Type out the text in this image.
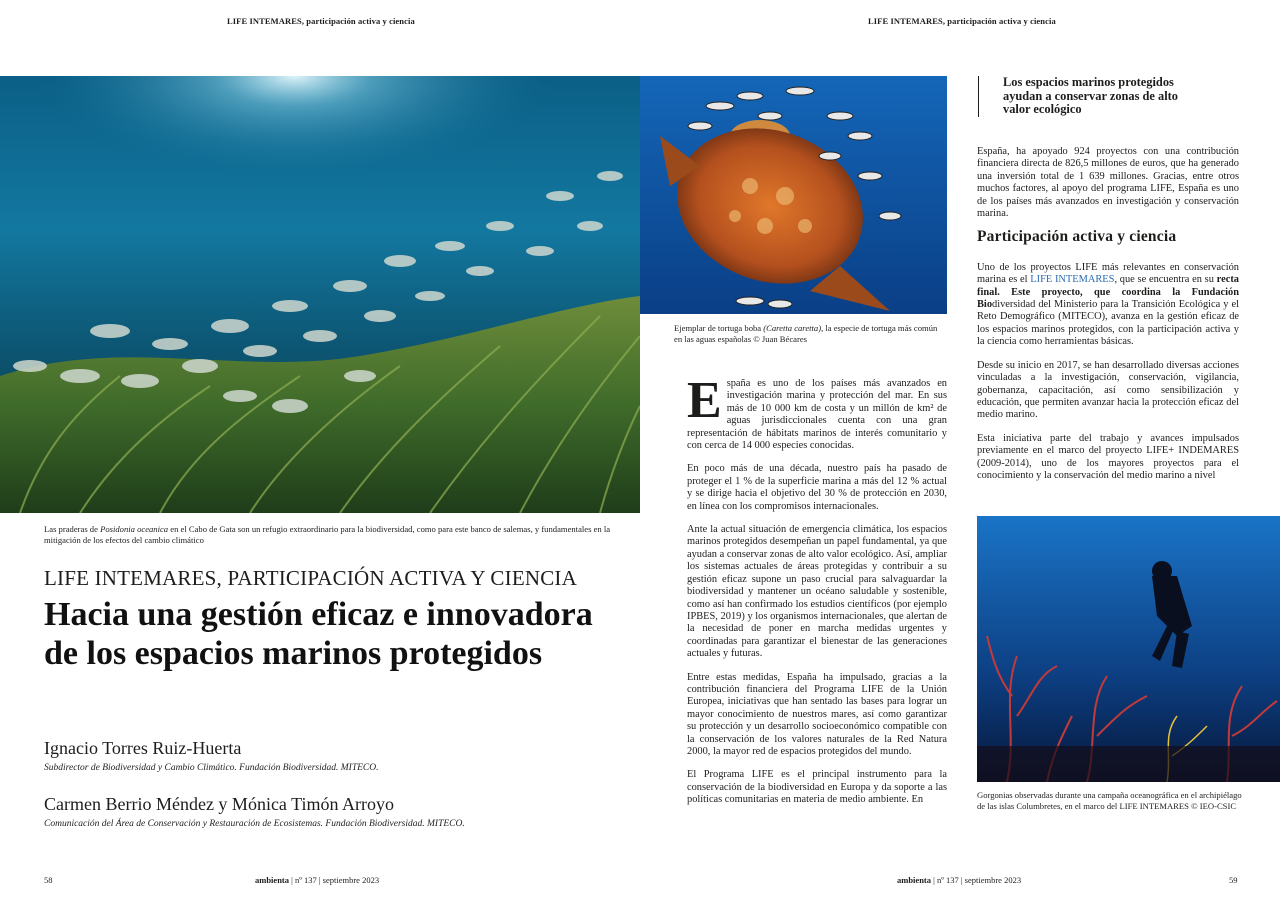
LIFE INTEMARES, participación activa y ciencia	LIFE INTEMARES, participación activa y ciencia
Las praderas de Posidonia oceanica en el Cabo de Gata son un refugio extraordinario para la biodiversidad, como para este banco de salemas, y fundamentales en la mitigación de los efectos del cambio climático
Ejemplar de tortuga boba (Caretta caretta), la especie de tortuga más común en las aguas españolas © Juan Bécares
Gorgonias observadas durante una campaña oceanográfica en el archipiélago de las islas Columbretes, en el marco del LIFE INTEMARES © IEO-CSIC
LIFE INTEMARES, PARTICIPACIÓN ACTIVA Y CIENCIA
Hacia una gestión eficaz e innovadora de los espacios marinos protegidos
Ignacio Torres Ruiz-Huerta
Subdirector de Biodiversidad y Cambio Climático. Fundación Biodiversidad. MITECO.
Carmen Berrio Méndez y Mónica Timón Arroyo
Comunicación del Área de Conservación y Restauración de Ecosistemas. Fundación Biodiversidad. MITECO.

España es uno de los países más avanzados en investigación marina y protección del mar. En sus más de 10 000 km de costa y un millón de km² de aguas jurisdiccionales cuenta con una gran representación de hábitats marinos de interés comunitario y con cerca de 14 000 especies conocidas.

En poco más de una década, nuestro país ha pasado de proteger el 1 % de la superficie marina a más del 12 % actual y se dirige hacia el objetivo del 30 % de protección en 2030, en línea con los compromisos internacionales.

Ante la actual situación de emergencia climática, los espacios marinos protegidos desempeñan un papel fundamental, ya que ayudan a conservar zonas de alto valor ecológico. Así, ampliar los sistemas actuales de áreas protegidas y contribuir a su gestión eficaz supone un paso crucial para salvaguardar la biodiversidad y mantener un océano saludable y sostenible, como así han confirmado los estudios científicos (por ejemplo IPBES, 2019) y los organismos internacionales, que alertan de la necesidad de poner en marcha medidas urgentes y coordinadas para garantizar el bienestar de las generaciones actuales y futuras.

Entre estas medidas, España ha impulsado, gracias a la contribución financiera del Programa LIFE de la Unión Europea, iniciativas que han sentado las bases para lograr un mayor conocimiento de nuestros mares, así como garantizar su protección y un desarrollo socioeconómico compatible con la conservación de los valores naturales de la Red Natura 2000, la mayor red de espacios protegidos del mundo.

El Programa LIFE es el principal instrumento para la conservación de la biodiversidad en Europa y da soporte a las políticas comunitarias en materia de medio ambiente. En

Los espacios marinos protegidos ayudan a conservar zonas de alto valor ecológico

España, ha apoyado 924 proyectos con una contribución financiera directa de 826,5 millones de euros, que ha generado una inversión total de 1 639 millones. Gracias, entre otros muchos factores, al apoyo del programa LIFE, España es uno de los países más avanzados en investigación y conservación marina.

Participación activa y ciencia

Uno de los proyectos LIFE más relevantes en conservación marina es el LIFE INTEMARES, que se encuentra en su recta final. Este proyecto, que coordina la Fundación Biodiversidad del Ministerio para la Transición Ecológica y el Reto Demográfico (MITECO), avanza en la gestión eficaz de los espacios marinos protegidos, con la participación activa y la ciencia como herramientas básicas.

Desde su inicio en 2017, se han desarrollado diversas acciones vinculadas a la investigación, conservación, vigilancia, gobernanza, capacitación, así como sensibilización y educación, que permiten avanzar hacia la protección eficaz del medio marino.

Esta iniciativa parte del trabajo y avances impulsados previamente en el marco del proyecto LIFE+ INDEMARES (2009-2014), uno de los mayores proyectos para el conocimiento y la conservación del medio marino a nivel

58	ambienta | nº 137 | septiembre 2023	ambienta | nº 137 | septiembre 2023	59
